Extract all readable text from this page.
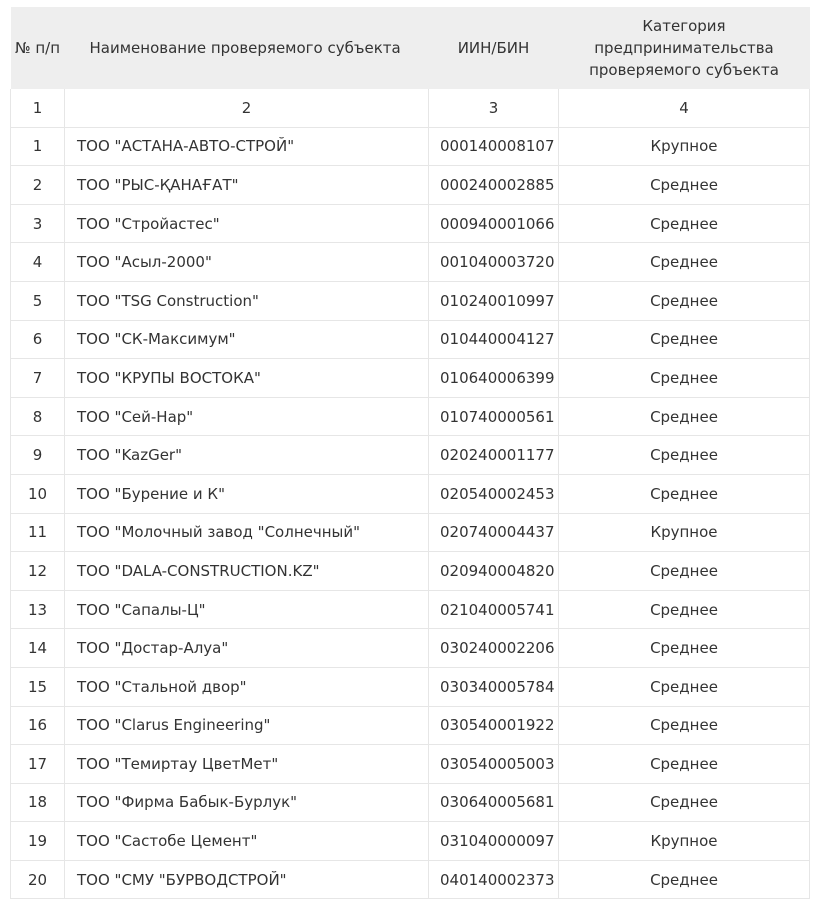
№ п/п	Наименование проверяемого субъекта	ИИН/БИН	Категория предпринимательства проверяемого субъекта
1	2	3	4
1	ТОО "АСТАНА-АВТО-СТРОЙ"	000140008107	Крупное
2	ТОО "РЫС-ҚАНАҒАТ"	000240002885	Среднее
3	ТОО "Стройастес"	000940001066	Среднее
4	ТОО "Асыл-2000"	001040003720	Среднее
5	ТОО "TSG Construction"	010240010997	Среднее
6	ТОО "СК-Максимум"	010440004127	Среднее
7	ТОО "КРУПЫ ВОСТОКА"	010640006399	Среднее
8	ТОО "Сей-Нар"	010740000561	Среднее
9	ТОО "KazGer"	020240001177	Среднее
10	ТОО "Бурение и К"	020540002453	Среднее
11	ТОО "Молочный завод "Солнечный"	020740004437	Крупное
12	ТОО "DALA-CONSTRUCTION.KZ"	020940004820	Среднее
13	ТОО "Сапалы-Ц"	021040005741	Среднее
14	ТОО "Достар-Алуа"	030240002206	Среднее
15	ТОО "Стальной двор"	030340005784	Среднее
16	ТОО "Clarus Engineering"	030540001922	Среднее
17	ТОО "Темиртау ЦветМет"	030540005003	Среднее
18	ТОО "Фирма Бабык-Бурлук"	030640005681	Среднее
19	ТОО "Састобе Цемент"	031040000097	Крупное
20	ТОО "СМУ "БУРВОДСТРОЙ"	040140002373	Среднее
